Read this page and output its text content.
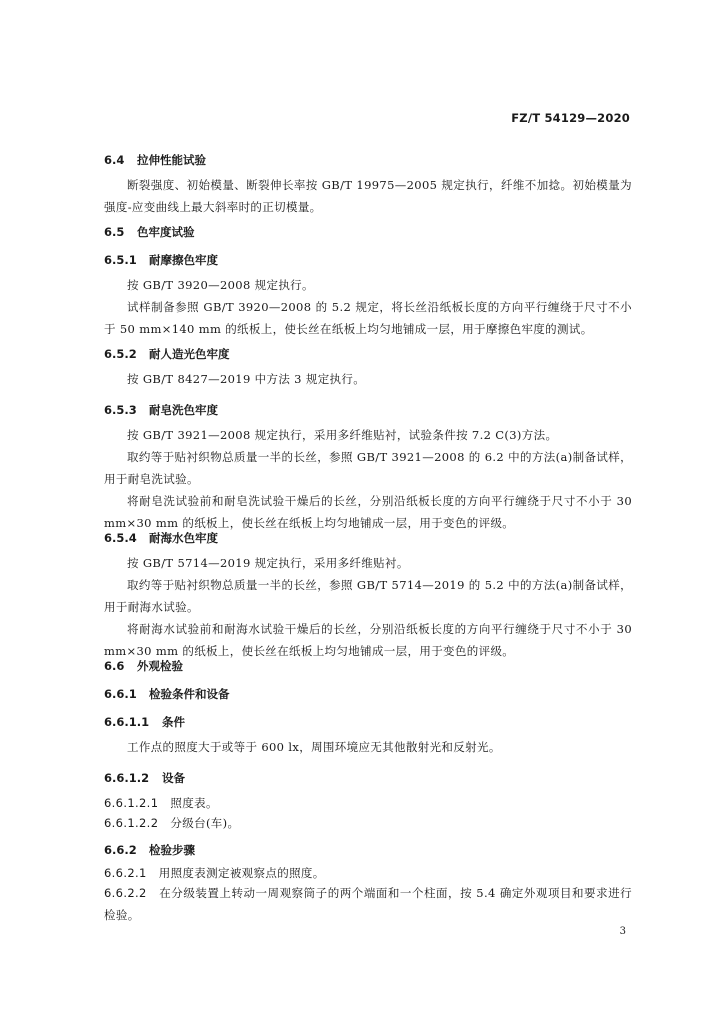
FZ/T 54129—2020
6.4 拉伸性能试验
断裂强度、初始模量、断裂伸长率按 GB/T 19975—2005 规定执行，纤维不加捻。初始模量为强度-应变曲线上最大斜率时的正切模量。
6.5 色牢度试验
6.5.1 耐摩擦色牢度
按 GB/T 3920—2008 规定执行。
试样制备参照 GB/T 3920—2008 的 5.2 规定，将长丝沿纸板长度的方向平行缠绕于尺寸不小于 50 mm×140 mm 的纸板上，使长丝在纸板上均匀地铺成一层，用于摩擦色牢度的测试。
6.5.2 耐人造光色牢度
按 GB/T 8427—2019 中方法 3 规定执行。
6.5.3 耐皂洗色牢度
按 GB/T 3921—2008 规定执行，采用多纤维贴衬，试验条件按 7.2 C(3)方法。
取约等于贴衬织物总质量一半的长丝，参照 GB/T 3921—2008 的 6.2 中的方法(a)制备试样，用于耐皂洗试验。
将耐皂洗试验前和耐皂洗试验干燥后的长丝，分别沿纸板长度的方向平行缠绕于尺寸不小于 30 mm×30 mm 的纸板上，使长丝在纸板上均匀地铺成一层，用于变色的评级。
6.5.4 耐海水色牢度
按 GB/T 5714—2019 规定执行，采用多纤维贴衬。
取约等于贴衬织物总质量一半的长丝，参照 GB/T 5714—2019 的 5.2 中的方法(a)制备试样，用于耐海水试验。
将耐海水试验前和耐海水试验干燥后的长丝，分别沿纸板长度的方向平行缠绕于尺寸不小于 30 mm×30 mm 的纸板上，使长丝在纸板上均匀地铺成一层，用于变色的评级。
6.6 外观检验
6.6.1 检验条件和设备
6.6.1.1 条件
工作点的照度大于或等于 600 lx，周围环境应无其他散射光和反射光。
6.6.1.2 设备
6.6.1.2.1 照度表。
6.6.1.2.2 分级台(车)。
6.6.2 检验步骤
6.6.2.1 用照度表测定被观察点的照度。
6.6.2.2 在分级装置上转动一周观察筒子的两个端面和一个柱面，按 5.4 确定外观项目和要求进行检验。
3
